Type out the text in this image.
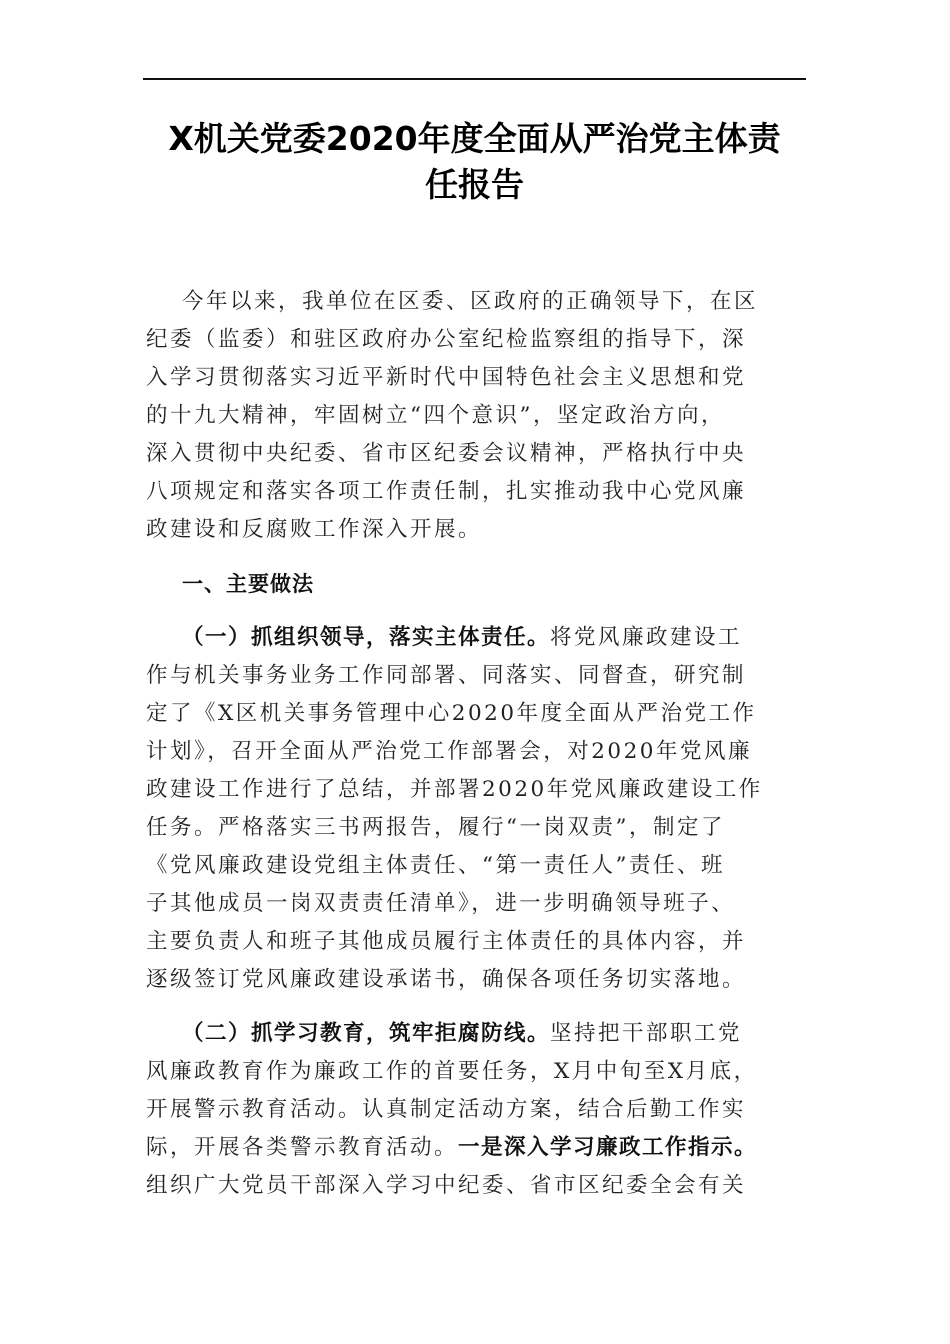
X机关党委2020年度全面从严治党主体责
任报告
今年以来，我单位在区委、区政府的正确领导下，在区
纪委（监委）和驻区政府办公室纪检监察组的指导下，深
入学习贯彻落实习近平新时代中国特色社会主义思想和党
的十九大精神，牢固树立“四个意识”，坚定政治方向，
深入贯彻中央纪委、省市区纪委会议精神，严格执行中央
八项规定和落实各项工作责任制，扎实推动我中心党风廉
政建设和反腐败工作深入开展。
一、主要做法
（一）抓组织领导，落实主体责任。将党风廉政建设工
作与机关事务业务工作同部署、同落实、同督查，研究制
定了《X区机关事务管理中心2020年度全面从严治党工作
计划》，召开全面从严治党工作部署会，对2020年党风廉
政建设工作进行了总结，并部署2020年党风廉政建设工作
任务。严格落实三书两报告，履行“一岗双责”，制定了
《党风廉政建设党组主体责任、“第一责任人”责任、班
子其他成员一岗双责责任清单》，进一步明确领导班子、
主要负责人和班子其他成员履行主体责任的具体内容，并
逐级签订党风廉政建设承诺书，确保各项任务切实落地。
（二）抓学习教育，筑牢拒腐防线。坚持把干部职工党
风廉政教育作为廉政工作的首要任务，X月中旬至X月底，
开展警示教育活动。认真制定活动方案，结合后勤工作实
际，开展各类警示教育活动。一是深入学习廉政工作指示。
组织广大党员干部深入学习中纪委、省市区纪委全会有关
